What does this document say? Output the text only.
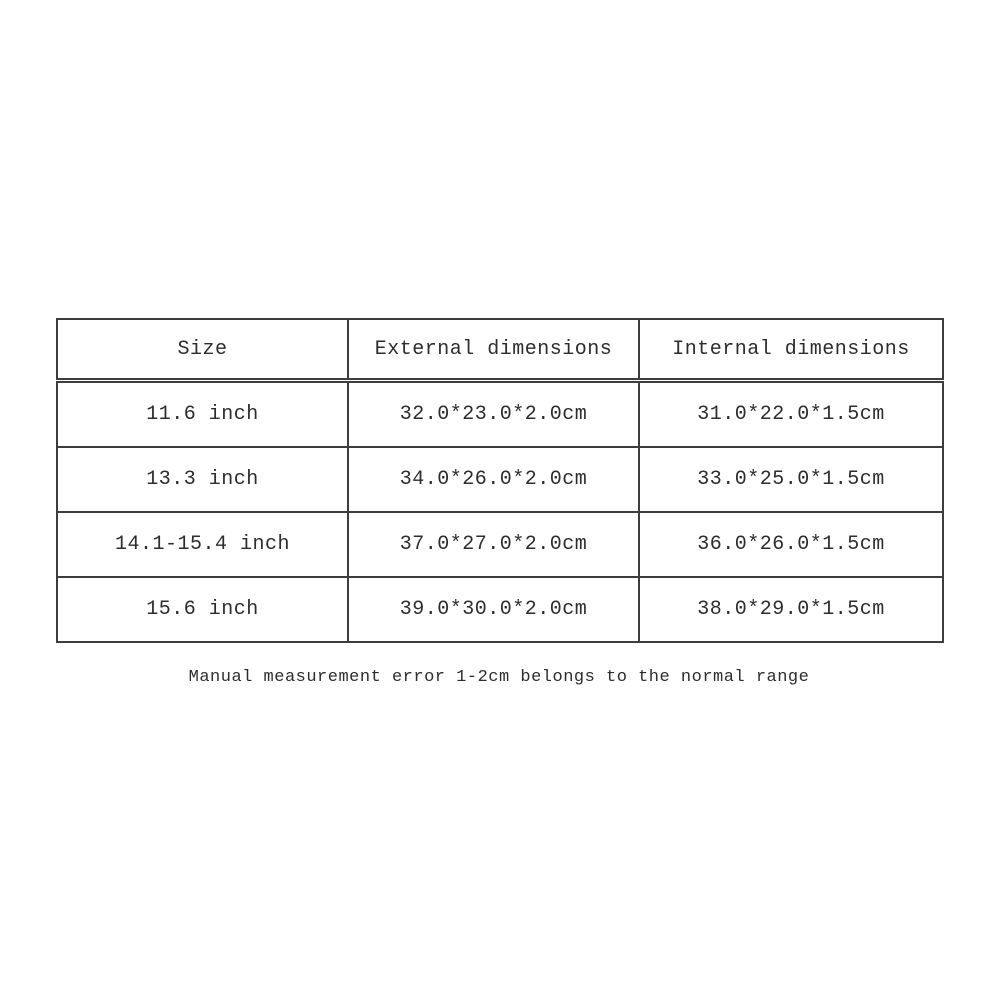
Size	External dimensions	Internal dimensions
11.6 inch	32.0*23.0*2.0cm	31.0*22.0*1.5cm
13.3 inch	34.0*26.0*2.0cm	33.0*25.0*1.5cm
14.1-15.4 inch	37.0*27.0*2.0cm	36.0*26.0*1.5cm
15.6 inch	39.0*30.0*2.0cm	38.0*29.0*1.5cm

Manual measurement error 1-2cm belongs to the normal range
